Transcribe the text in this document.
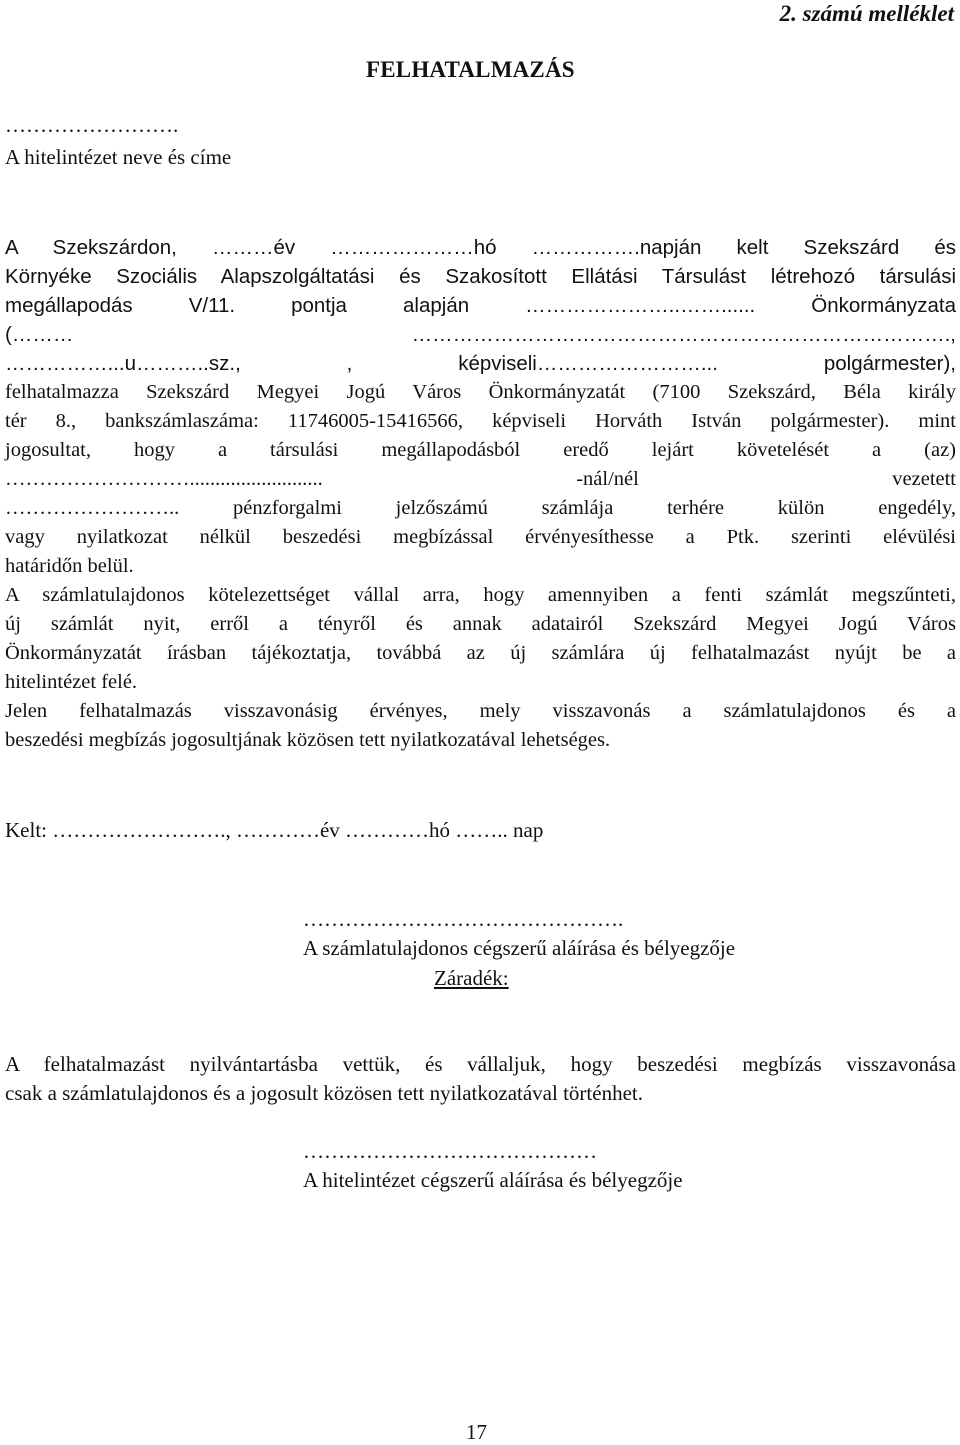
2. számú melléklet
FELHATALMAZÁS
…………………….
A hitelintézet neve és címe

A Szekszárdon, ………év …………………hó …………….napján kelt Szekszárd és

Környéke Szociális Alapszolgáltatási és Szakosított Ellátási Társulást létrehozó társulási

megállapodás V/11. pontja alapján …………………..……...... Önkormányzata

(……… …………………………………………………………………….,

……………...u………..sz., , képviseli……………………... polgármester),

felhatalmazza Szekszárd Megyei Jogú Város Önkormányzatát (7100 Szekszárd, Béla király

tér 8., bankszámlaszáma: 11746005-15416566, képviseli Horváth István polgármester). mint

jogosultat, hogy a társulási megállapodásból eredő lejárt követelését a (az)

……………………….......................... -nál/nél vezetett

…………………….. pénzforgalmi jelzőszámú számlája terhére külön engedély,

vagy nyilatkozat nélkül beszedési megbízással érvényesíthesse a Ptk. szerinti elévülési

határidőn belül.

A számlatulajdonos kötelezettséget vállal arra, hogy amennyiben a fenti számlát megszűnteti,

új számlát nyit, erről a tényről és annak adatairól Szekszárd Megyei Jogú Város

Önkormányzatát írásban tájékoztatja, továbbá az új számlára új felhatalmazást nyújt be a

hitelintézet felé.

Jelen felhatalmazás visszavonásig érvényes, mely visszavonás a számlatulajdonos és a

beszedési megbízás jogosultjának közösen tett nyilatkozatával lehetséges.

Kelt: ……………………., …………év …………hó …….. nap
……………………………………….
A számlatulajdonos cégszerű aláírása és bélyegzője
Záradék:

A felhatalmazást nyilvántartásba vettük, és vállaljuk, hogy beszedési megbízás visszavonása

csak a számlatulajdonos és a jogosult közösen tett nyilatkozatával történhet.

……………………………………
A hitelintézet cégszerű aláírása és bélyegzője
17
